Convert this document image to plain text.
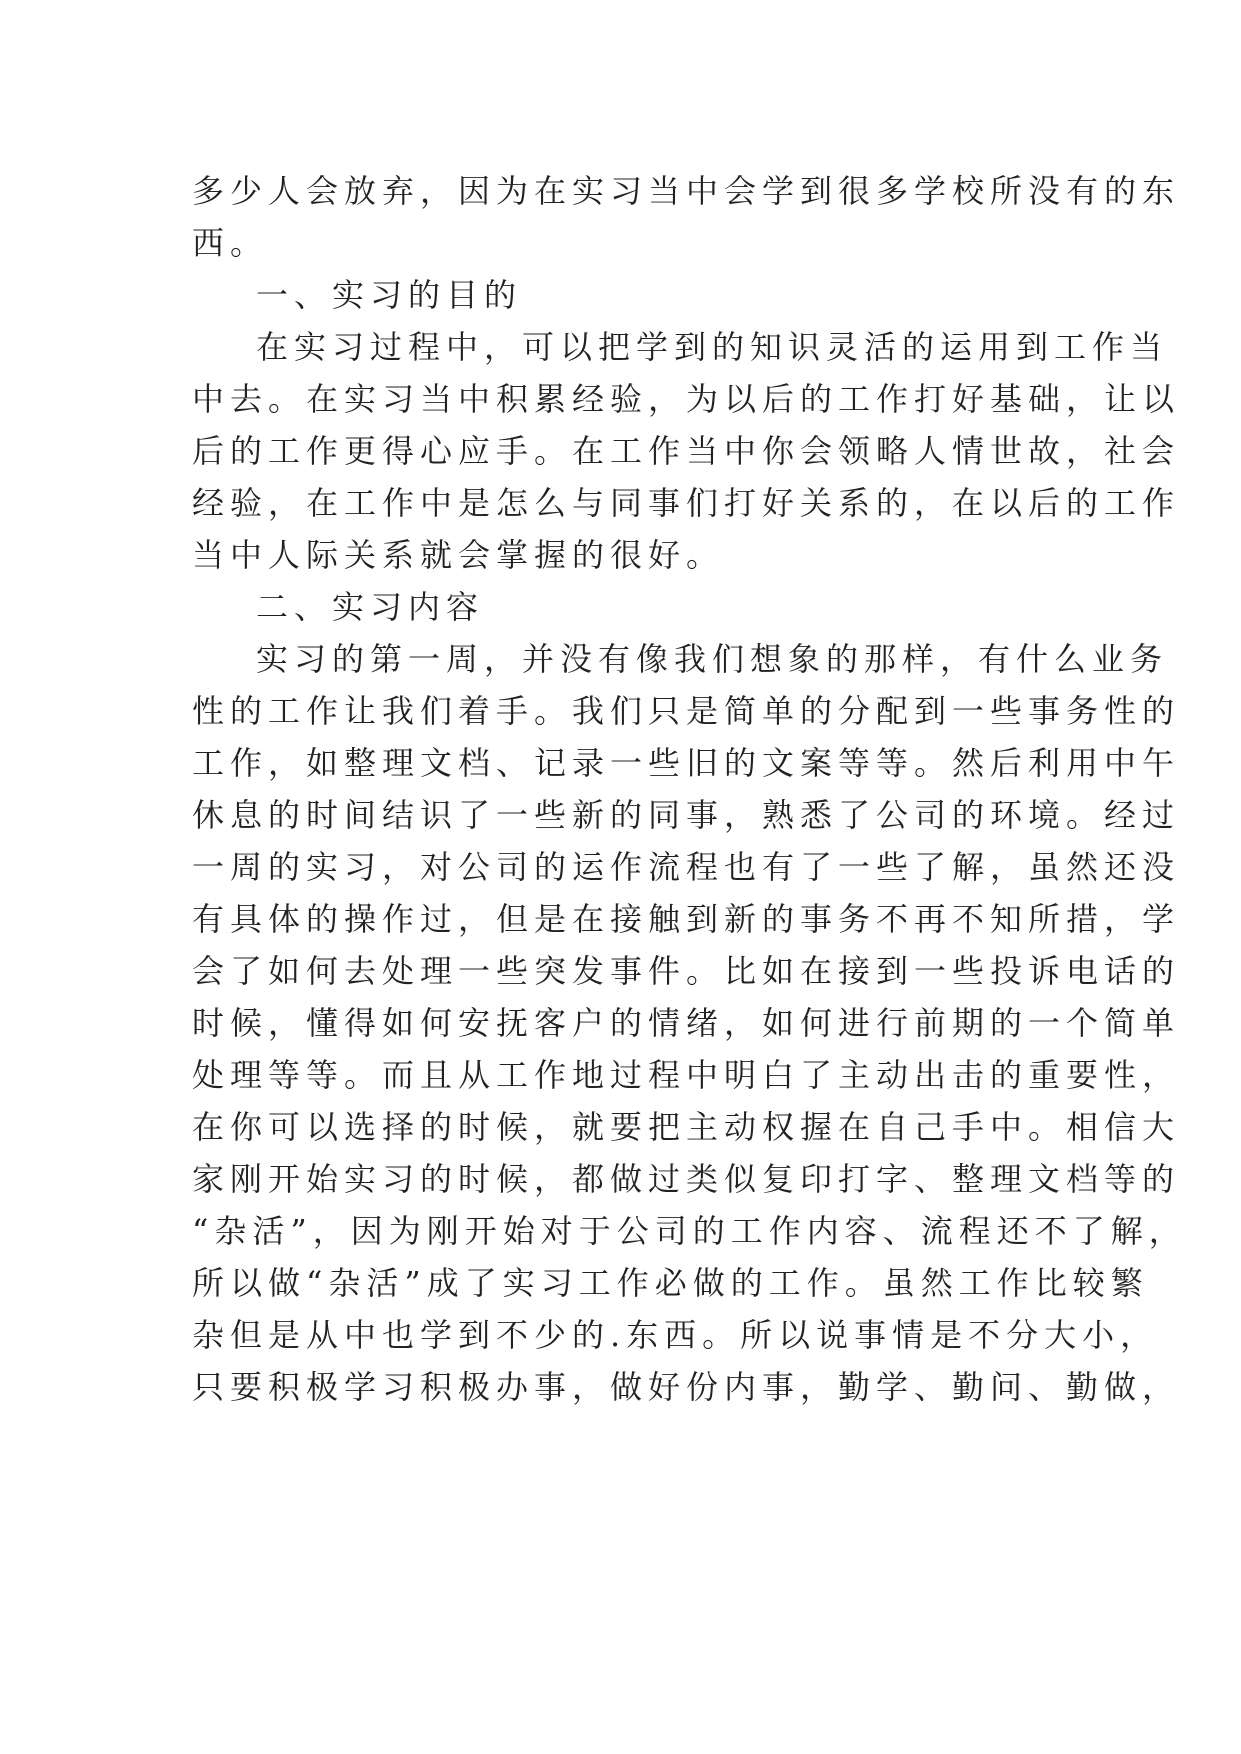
多少人会放弃，因为在实习当中会学到很多学校所没有的东
西。
一、实习的目的
在实习过程中，可以把学到的知识灵活的运用到工作当
中去。在实习当中积累经验，为以后的工作打好基础，让以
后的工作更得心应手。在工作当中你会领略人情世故，社会
经验，在工作中是怎么与同事们打好关系的，在以后的工作
当中人际关系就会掌握的很好。
二、实习内容
实习的第一周，并没有像我们想象的那样，有什么业务
性的工作让我们着手。我们只是简单的分配到一些事务性的
工作，如整理文档、记录一些旧的文案等等。然后利用中午
休息的时间结识了一些新的同事，熟悉了公司的环境。经过
一周的实习，对公司的运作流程也有了一些了解，虽然还没
有具体的操作过，但是在接触到新的事务不再不知所措，学
会了如何去处理一些突发事件。比如在接到一些投诉电话的
时候，懂得如何安抚客户的情绪，如何进行前期的一个简单
处理等等。而且从工作地过程中明白了主动出击的重要性，
在你可以选择的时候，就要把主动权握在自己手中。相信大
家刚开始实习的时候，都做过类似复印打字、整理文档等的
“杂活”，因为刚开始对于公司的工作内容、流程还不了解，
所以做“杂活”成了实习工作必做的工作。虽然工作比较繁
杂但是从中也学到不少的.东西。所以说事情是不分大小，
只要积极学习积极办事，做好份内事，勤学、勤问、勤做，
